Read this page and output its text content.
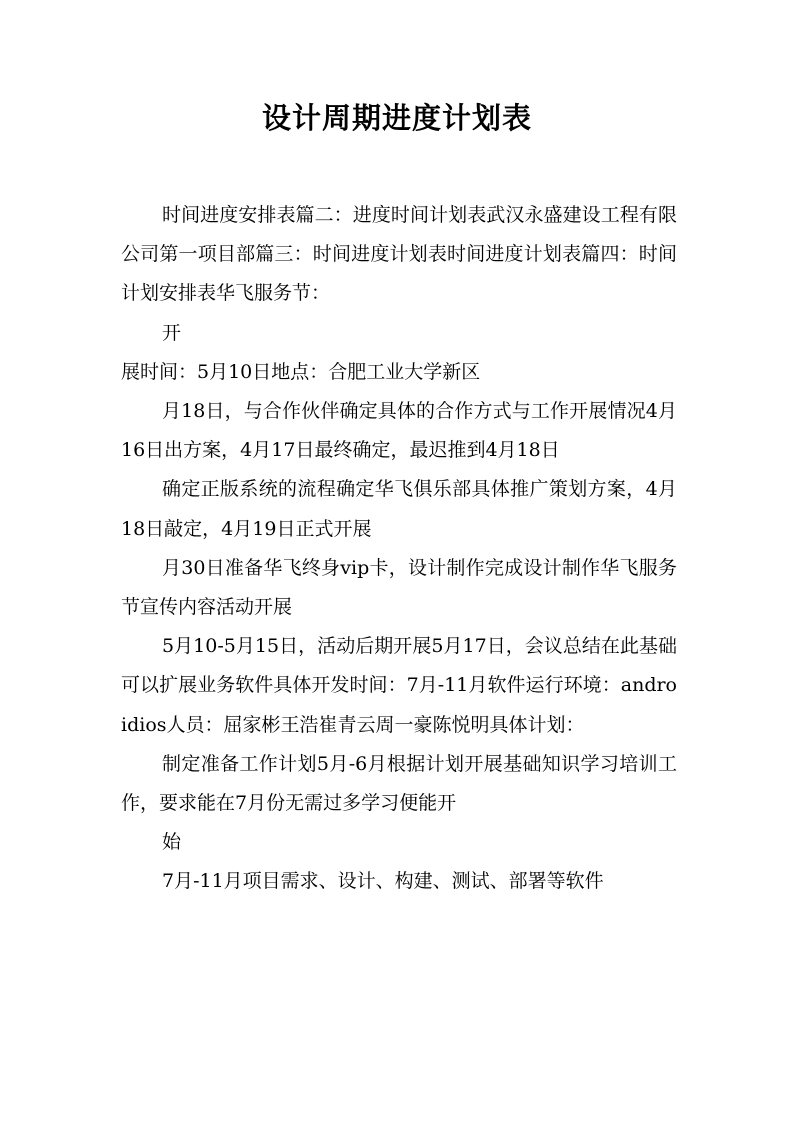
设计周期进度计划表

时间进度安排表篇二：进度时间计划表武汉永盛建设工程有限公司第一项目部篇三：时间进度计划表时间进度计划表篇四：时间计划安排表华飞服务节：

开

展时间：5月10日地点：合肥工业大学新区

月18日，与合作伙伴确定具体的合作方式与工作开展情况4月16日出方案，4月17日最终确定，最迟推到4月18日

确定正版系统的流程确定华飞俱乐部具体推广策划方案，4月18日敲定，4月19日正式开展

月30日准备华飞终身vip卡，设计制作完成设计制作华飞服务节宣传内容活动开展

5月10-5月15日，活动后期开展5月17日，会议总结在此基础可以扩展业务软件具体开发时间：7月-11月软件运行环境：androidios人员：屈家彬王浩崔青云周一豪陈悦明具体计划：

制定准备工作计划5月-6月根据计划开展基础知识学习培训工作，要求能在7月份无需过多学习便能开

始

7月-11月项目需求、设计、构建、测试、部署等软件
